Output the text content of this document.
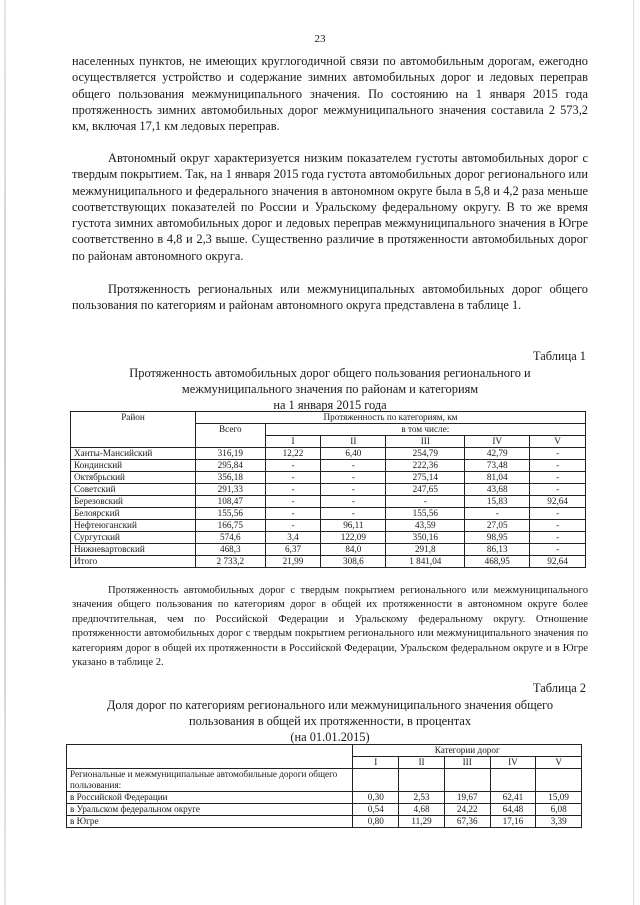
23

населенных пунктов, не имеющих круглогодичной связи по автомобильным дорогам, ежегодно осуществляется устройство и содержание зимних автомобильных дорог и ледовых переправ общего пользования межмуниципального значения. По состоянию на 1 января 2015 года протяженность зимних автомобильных дорог межмуниципального значения составила 2 573,2 км, включая 17,1 км ледовых переправ.

Автономный округ характеризуется низким показателем густоты автомобильных дорог с твердым покрытием. Так, на 1 января 2015 года густота автомобильных дорог регионального или межмуниципального и федерального значения в автономном округе была в 5,8 и 4,2 раза меньше соответствующих показателей по России и Уральскому федеральному округу. В то же время густота зимних автомобильных дорог и ледовых переправ межмуниципального значения в Югре соответственно в 4,8 и 2,3 выше. Существенно различие в протяженности автомобильных дорог по районам автономного округа.

Протяженность региональных или межмуниципальных автомобильных дорог общего пользования по категориям и районам автономного округа представлена в таблице 1.

Таблица 1
Протяженность автомобильных дорог общего пользования регионального и
межмуниципального значения по районам и категориям
на 1 января 2015 года
Район	Протяженность по категориям, км					
	Всего	в том числе:				
		I	II	III	IV	V
Ханты-Мансийский	316,19	12,22	6,40	254,79	42,79	-
Кондинский	295,84	-	-	222,36	73,48	-
Октябрьский	356,18	-	-	275,14	81,04	-
Советский	291,33	-	-	247,65	43,68	-
Березовский	108,47	-	-	-	15,83	92,64
Белоярский	155,56	-	-	155,56	-	-
Нефтеюганский	166,75	-	96,11	43,59	27,05	-
Сургутский	574,6	3,4	122,09	350,16	98,95	-
Нижневартовский	468,3	6,37	84,0	291,8	86,13	-
Итого	2 733,2	21,99	308,6	1 841,04	468,95	92,64

Протяженность автомобильных дорог с твердым покрытием регионального или межмуниципального значения общего пользования по категориям дорог в общей их протяженности в автономном округе более предпочтительная, чем по Российской Федерации и Уральскому федеральному округу. Отношение протяженности автомобильных дорог с твердым покрытием регионального или межмуниципального значения по категориям дорог в общей их протяженности в Российской Федерации, Уральском федеральном округе и в Югре указано в таблице 2.

Таблица 2
Доля дорог по категориям регионального или межмуниципального значения общего
пользования в общей их протяженности, в процентах
(на 01.01.2015)
	Категории дорог				
	I	II	III	IV	V
Региональные и межмуниципальные автомобильные дороги общего пользования:					
в Российской Федерации	0,30	2,53	19,67	62,41	15,09
в Уральском федеральном округе	0,54	4,68	24,22	64,48	6,08
в Югре	0,80	11,29	67,36	17,16	3,39
